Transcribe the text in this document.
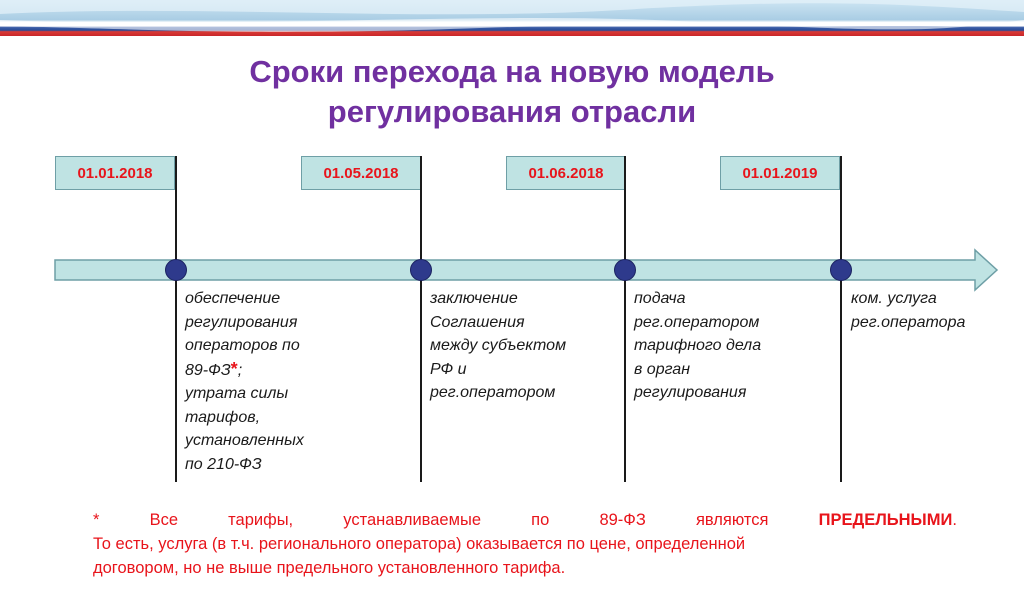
Сроки перехода на новую модель
регулирования отрасли
01.01.2018
обеспечение
регулирования
операторов по
89-ФЗ*;
утрата силы
тарифов,
установленных
по 210-ФЗ
01.05.2018
заключение
Соглашения
между субъектом
РФ и
рег.оператором
01.06.2018
подача
рег.оператором
тарифного дела
в орган
регулирования
01.01.2019
ком. услуга
рег.оператора
*	Все	тарифы,	устанавливаемые	по	89-ФЗ	являются	ПРЕДЕЛЬНЫМИ.
То есть, услуга (в т.ч. регионального оператора) оказывается по цене, определенной
договором, но не выше предельного установленного тарифа.
